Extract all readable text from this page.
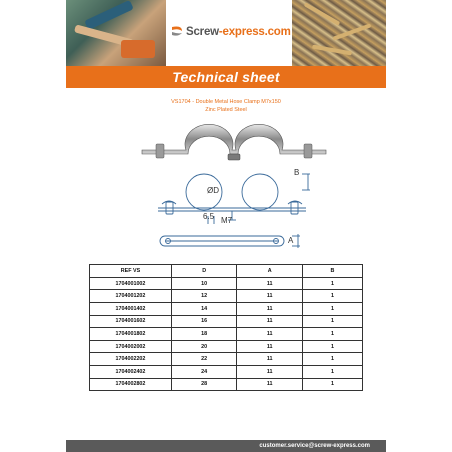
Screw-express.com
Technical sheet
VS1704 - Double Metal Hose Clamp M7x150
Zinc Plated Steel
ØD
6.5 M7
B
A
REF VS	D	A	B
1704001002	10	11	1
1704001202	12	11	1
1704001402	14	11	1
1704001602	16	11	1
1704001802	18	11	1
1704002002	20	11	1
1704002202	22	11	1
1704002402	24	11	1
1704002802	28	11	1
customer.service@screw-express.com
